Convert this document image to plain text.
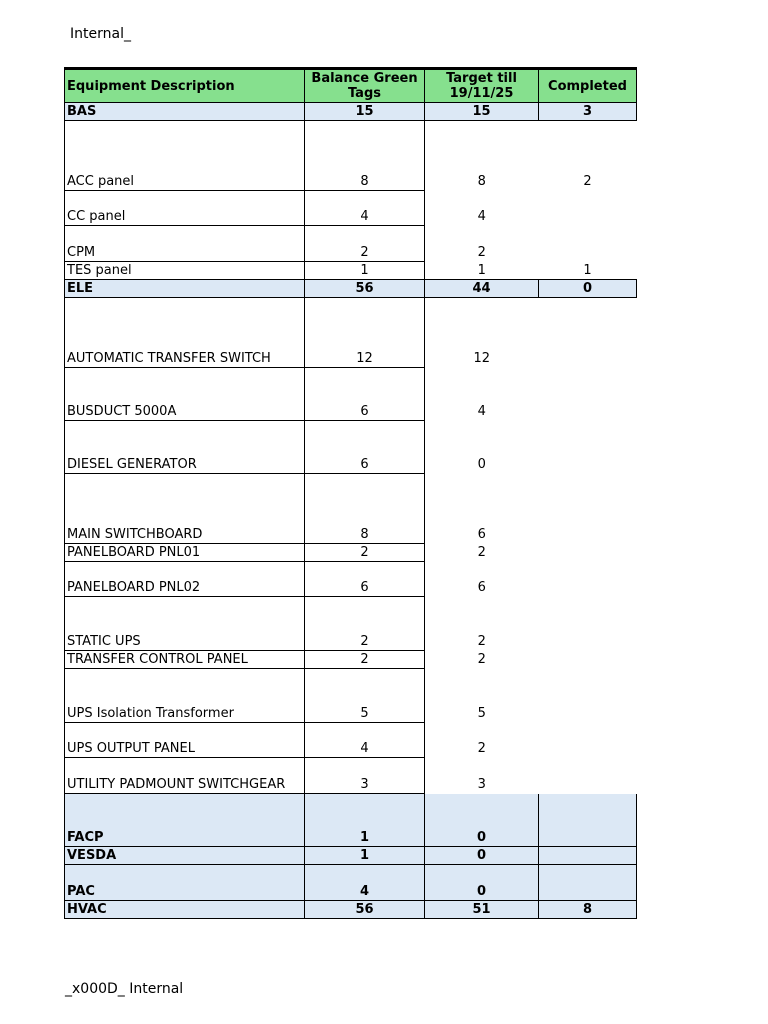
Internal_
Equipment Description	Balance Green Tags	Target till 19/11/25	Completed
BAS	15	15	3
ACC panel	8	8	2
CC panel	4	4	
CPM	2	2	
TES panel	1	1	1
ELE	56	44	0
AUTOMATIC TRANSFER SWITCH	12	12	
BUSDUCT 5000A	6	4	
DIESEL GENERATOR	6	0	
MAIN SWITCHBOARD	8	6	
PANELBOARD PNL01	2	2	
PANELBOARD PNL02	6	6	
STATIC UPS	2	2	
TRANSFER CONTROL PANEL	2	2	
UPS Isolation Transformer	5	5	
UPS OUTPUT PANEL	4	2	
UTILITY PADMOUNT SWITCHGEAR	3	3	
FACP	1	0	
VESDA	1	0	
PAC	4	0	
HVAC	56	51	8
_x000D_ Internal
